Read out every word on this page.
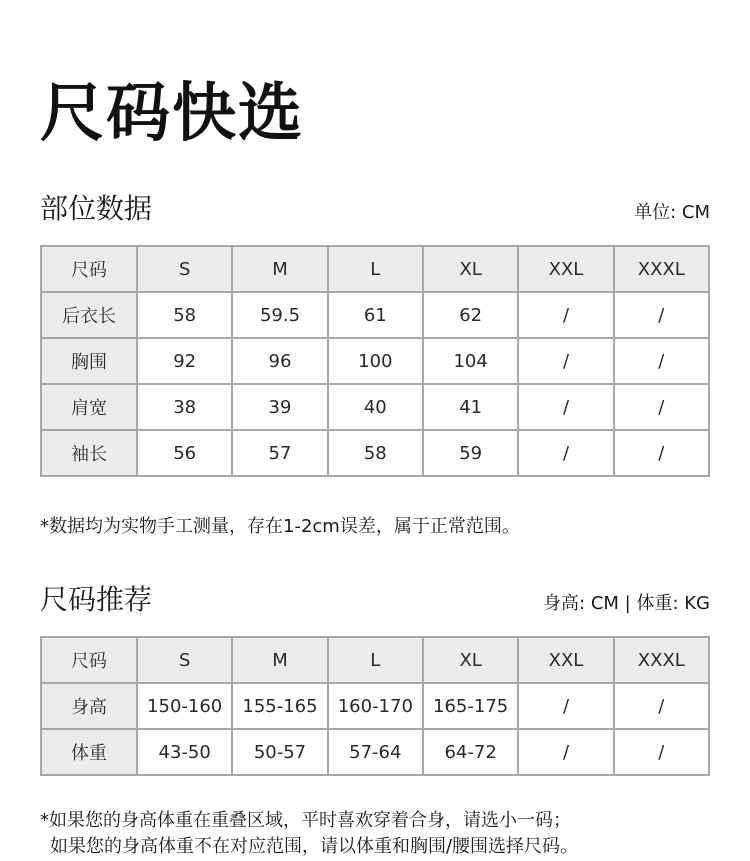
尺码快选
部位数据	单位: CM
尺码	S	M	L	XL	XXL	XXXL
后衣长	58	59.5	61	62	/	/
胸围	92	96	100	104	/	/
肩宽	38	39	40	41	/	/
袖长	56	57	58	59	/	/
*数据均为实物手工测量，存在1-2cm误差，属于正常范围。
尺码推荐	身高: CM | 体重: KG
尺码	S	M	L	XL	XXL	XXXL
身高	150-160	155-165	160-170	165-175	/	/
体重	43-50	50-57	57-64	64-72	/	/
*如果您的身高体重在重叠区域，平时喜欢穿着合身，请选小一码；
如果您的身高体重不在对应范围，请以体重和胸围/腰围选择尺码。
